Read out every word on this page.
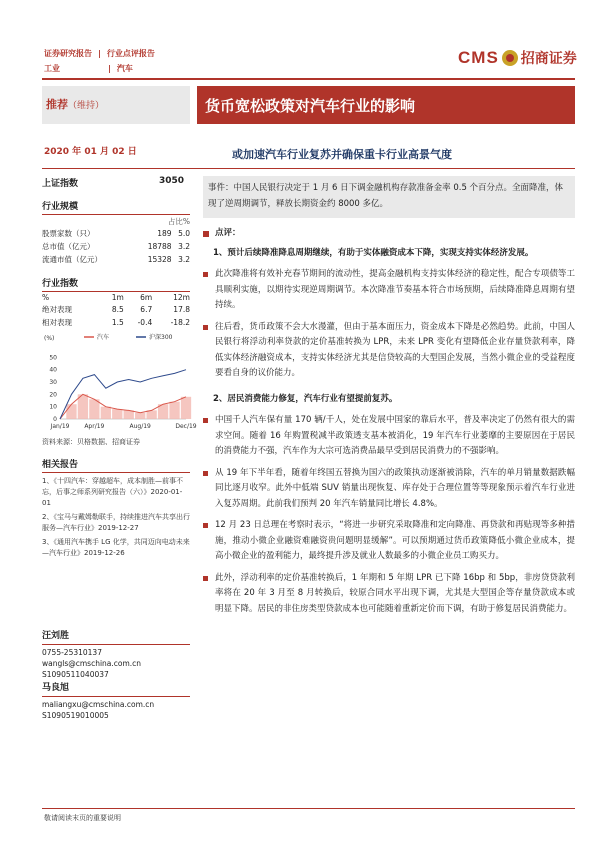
证券研究报告 | 行业点评报告
工业	| 汽车
CMS 招商证券
推荐（维持）	货币宽松政策对汽车行业的影响
2020 年 01 月 02 日	或加速汽车行业复苏并确保重卡行业高景气度
上证指数	3050
行业规模
占比%
股票家数（只）	189	5.0
总市值（亿元）	18788	3.2
流通市值（亿元）	15328	3.2
行业指数
%	1m	6m	12m
绝对表现	8.5	6.7	17.8
相对表现	1.5	-0.4	-18.2
(%)
0
10
20
30
40
50
汽车	沪深300
Jan/19 Apr/19	Aug/19	Dec/19
资料来源：贝格数据、招商证券
相关报告
1、《十四汽车：穿越超车，成本制胜—前事不忘，后事之师系列研究报告（六）》2020-01-01
2、《宝马与戴姆勒联手，持续推进汽车共享出行服务—汽车行业》2019-12-27
3、《通用汽车携手 LG 化学，共同迈向电动未来—汽车行业》2019-12-26
汪刘胜
0755-25310137
wangls@cmschina.com.cn
S1090511040037
马良旭
maliangxu@cmschina.com.cn
S1090519010005
事件：中国人民银行决定于 1 月 6 日下调金融机构存款准备金率 0.5 个百分点。全面降准，体现了逆周期调节，释放长期资金约 8000 多亿。
点评：
1、预计后续降准降息周期继续，有助于实体融资成本下降，实现支持实体经济发展。
此次降准将有效补充春节期间的流动性，提高金融机构支持实体经济的稳定性，配合专项债等工具顺利实施，以期待实现逆周期调节。本次降准节奏基本符合市场预期，后续降准降息周期有望持续。
往后看，货币政策不会大水漫灌，但由于基本面压力，资金成本下降是必然趋势。此前，中国人民银行将浮动利率贷款的定价基准转换为 LPR，未来 LPR 变化有望降低企业存量贷款利率，降低实体经济融资成本，支持实体经济尤其是信贷较高的大型国企发展，当然小微企业的受益程度要看自身的议价能力。
2、居民消费能力修复，汽车行业有望提前复苏。
中国千人汽车保有量 170 辆/千人，处在发展中国家的靠后水平，普及率决定了仍然有很大的需求空间。随着 16 年购置税减半政策透支基本被消化，19 年汽车行业萎靡的主要原因在于居民的消费能力不强，汽车作为大宗可选消费品最早受到居民消费力的不强影响。
从 19 年下半年看，随着年终国五替换为国六的政策执动逐渐被消除，汽车的单月销量数据跌幅同比逐月收窄。此外中低端 SUV 销量出现恢复、库存处于合理位置等等现象预示着汽车行业进入复苏周期。此前我们预判 20 年汽车销量同比增长 4.8%。
12 月 23 日总理在考察时表示，“将进一步研究采取降准和定向降准、再贷款和再贴现等多种措施，推动小微企业融资难融资贵问题明显缓解”。可以预期通过货币政策降低小微企业成本，提高小微企业的盈利能力，最终提升涉及就业人数最多的小微企业员工购买力。
此外，浮动利率的定价基准转换后，1 年期和 5 年期 LPR 已下降 16bp 和 5bp，非房贷贷款利率将在 20 年 3 月至 8 月转换后，较原合同水平出现下调，尤其是大型国企等存量贷款成本或明显下降。居民的非住房类型贷款成本也可能随着重新定价而下调，有助于修复居民消费能力。
敬请阅读末页的重要说明
